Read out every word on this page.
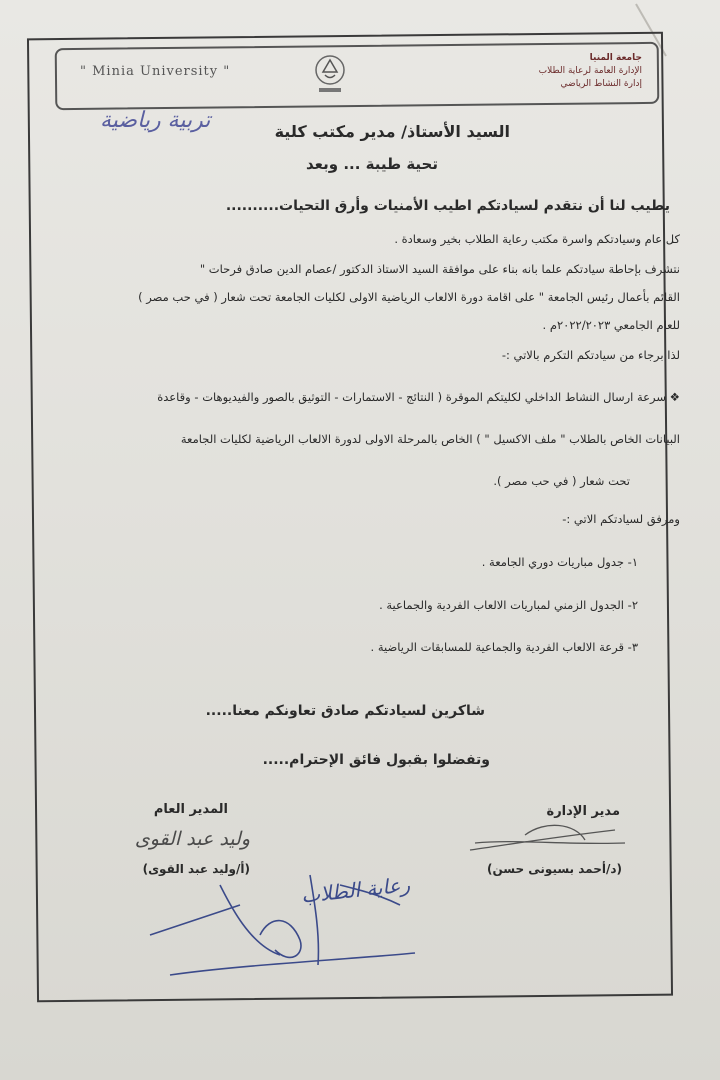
" Minia University "
جامعة المنيا
الإدارة العامة لرعاية الطلاب
إدارة النشاط الرياضي
تربية رياضية	السيد الأستاذ/ مدير مكتب كلية
تحية طيبة ... وبعد
يطيب لنا أن نتقدم لسيادتكم اطيب الأمنيات وأرق التحيات..........
كل عام وسيادتكم واسرة مكتب رعاية الطلاب بخير وسعادة .
نتشرف بإحاطة سيادتكم علما بانه بناء على موافقة السيد الاستاذ الدكتور /عصام الدين صادق فرحات "
القائم بأعمال رئيس الجامعة " على اقامة دورة الالعاب الرياضية الاولى لكليات الجامعة تحت شعار ( في حب مصر )
للعام الجامعي ٢٠٢٢/٢٠٢٣م .
لذا برجاء من سيادتكم التكرم بالاتي :-
❖ سرعة ارسال النشاط الداخلي لكليتكم الموقرة ( النتائج - الاستمارات - التوثيق بالصور والفيديوهات - وقاعدة
البيانات الخاص بالطلاب " ملف الاكسيل " ) الخاص بالمرحلة الاولى لدورة الالعاب الرياضية لكليات الجامعة
تحت شعار ( في حب مصر ).
ومرفق لسيادتكم الاتي :-
١- جدول مباريات دوري الجامعة .
٢- الجدول الزمني لمباريات الالعاب الفردية والجماعية .
٣- قرعة الالعاب الفردية والجماعية للمسابقات الرياضية .
شاكرين لسيادتكم صادق تعاونكم معنا.....
وتفضلوا بقبول فائق الإحترام.....
المدير العام	مدير الإدارة
وليد عبد القوى
(أ/وليد عبد القوى)	(د/أحمد بسيونى حسن)
رعاية الطلاب
